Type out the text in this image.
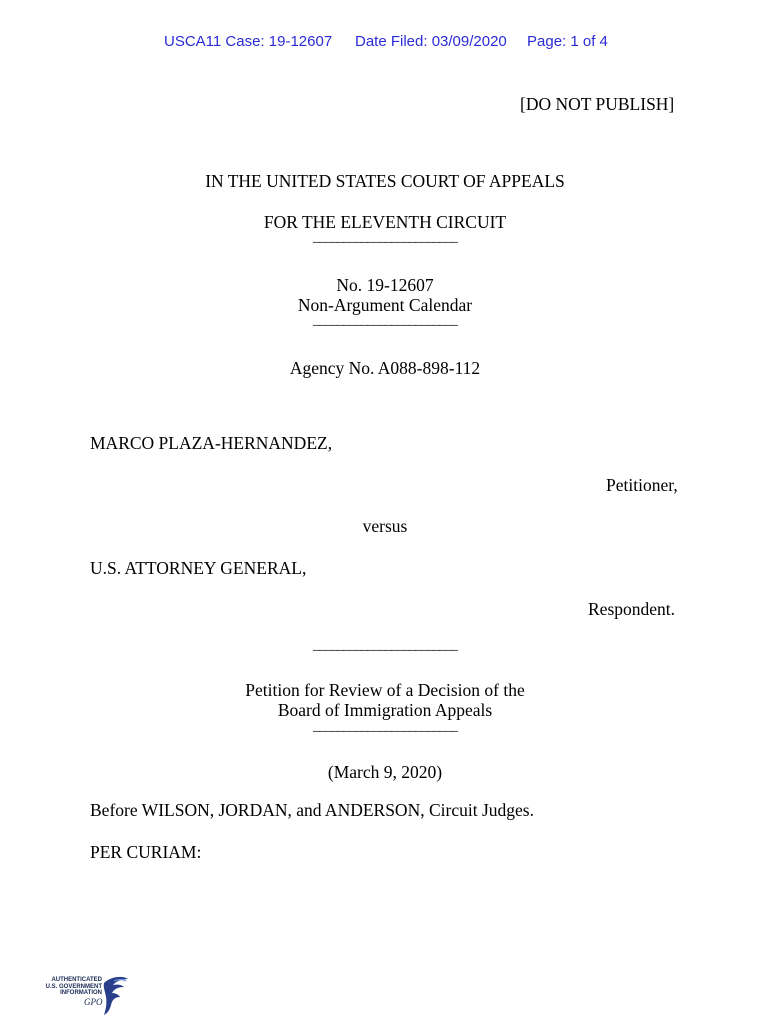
USCA11 Case: 19-12607 Date Filed: 03/09/2020 Page: 1 of 4
[DO NOT PUBLISH]
IN THE UNITED STATES COURT OF APPEALS
FOR THE ELEVENTH CIRCUIT
________________________
No. 19-12607
Non-Argument Calendar
________________________
Agency No. A088-898-112
MARCO PLAZA-HERNANDEZ,
Petitioner,
versus
U.S. ATTORNEY GENERAL,
Respondent.
________________________
Petition for Review of a Decision of the
Board of Immigration Appeals
________________________
(March 9, 2020)
Before WILSON, JORDAN, and ANDERSON, Circuit Judges.
PER CURIAM:
AUTHENTICATED
U.S. GOVERNMENT
INFORMATION
GPO
